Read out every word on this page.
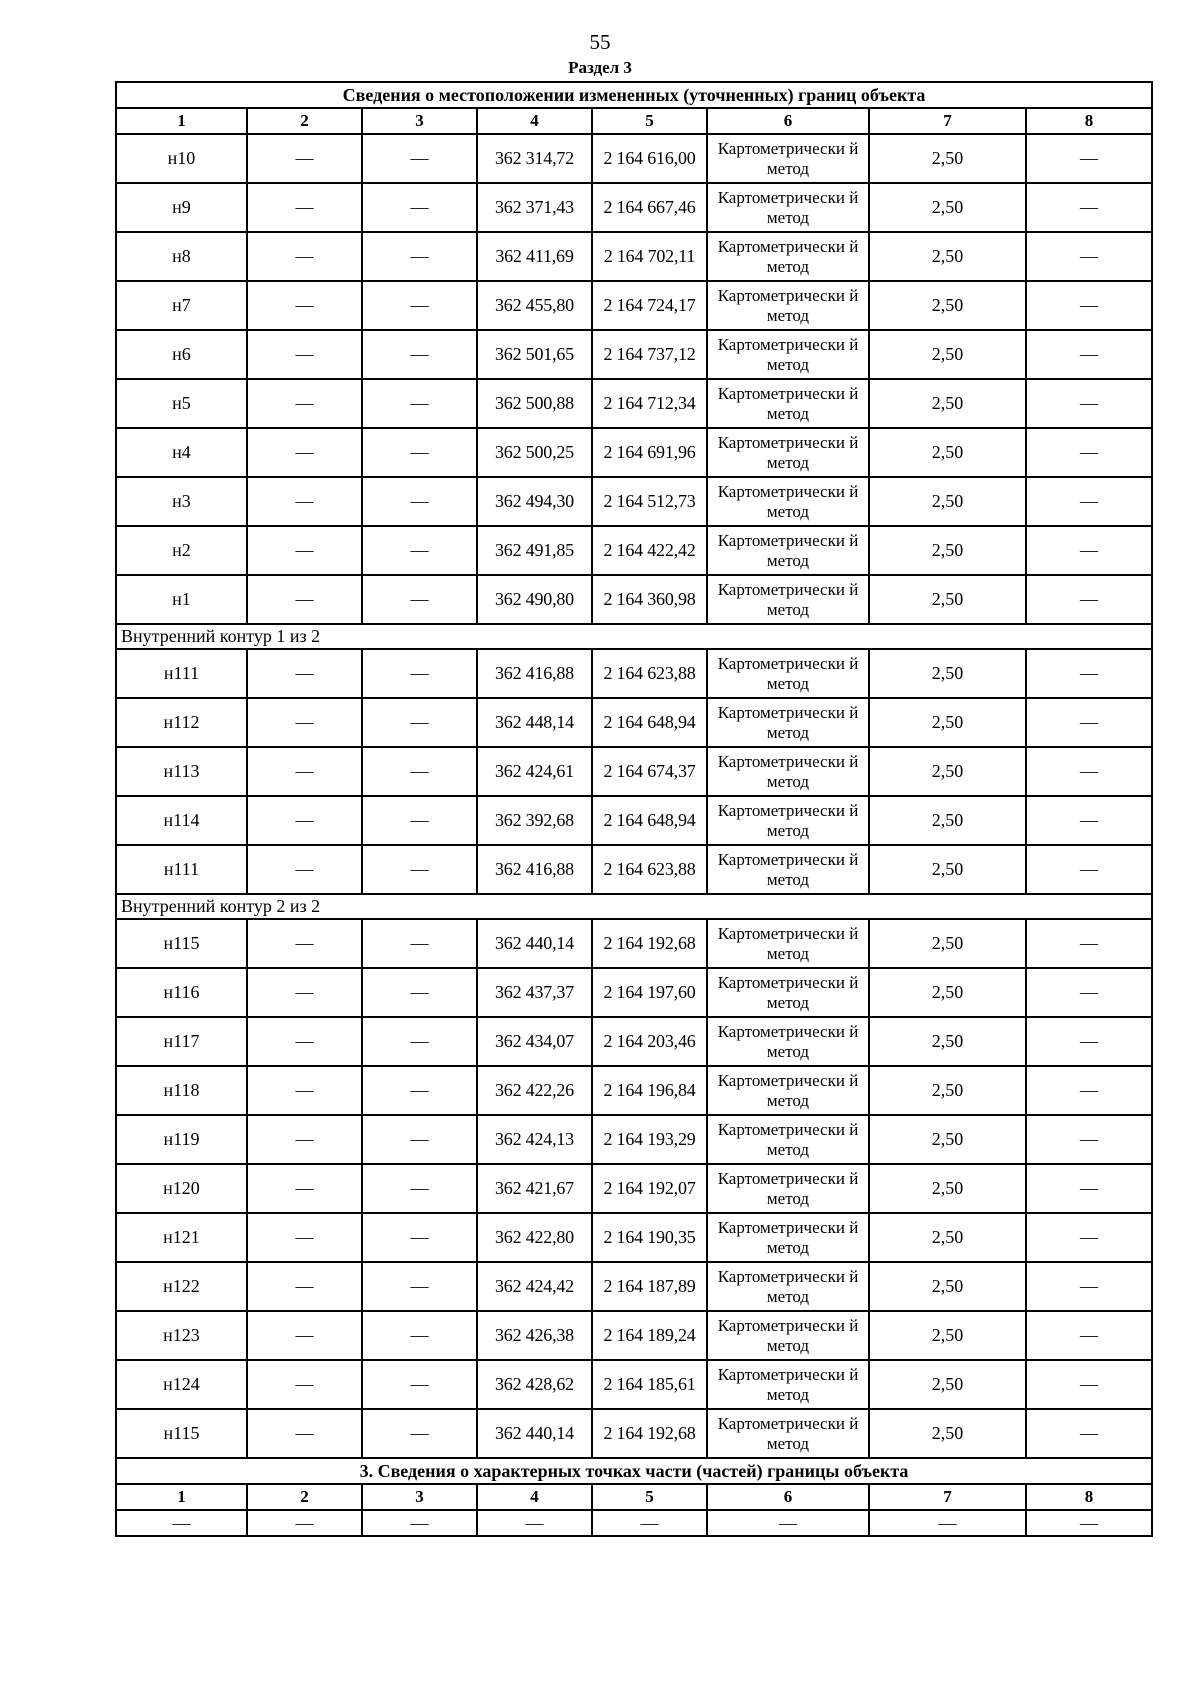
55
Раздел 3
Сведения о местоположении измененных (уточненных) границ объекта							
1	2	3	4	5	6	7	8
н10	—	—	362 314,72	2 164 616,00	Картометрически й метод	2,50	—
н9	—	—	362 371,43	2 164 667,46	Картометрически й метод	2,50	—
н8	—	—	362 411,69	2 164 702,11	Картометрически й метод	2,50	—
н7	—	—	362 455,80	2 164 724,17	Картометрически й метод	2,50	—
н6	—	—	362 501,65	2 164 737,12	Картометрически й метод	2,50	—
н5	—	—	362 500,88	2 164 712,34	Картометрически й метод	2,50	—
н4	—	—	362 500,25	2 164 691,96	Картометрически й метод	2,50	—
н3	—	—	362 494,30	2 164 512,73	Картометрически й метод	2,50	—
н2	—	—	362 491,85	2 164 422,42	Картометрически й метод	2,50	—
н1	—	—	362 490,80	2 164 360,98	Картометрически й метод	2,50	—
Внутренний контур 1 из 2							
н111	—	—	362 416,88	2 164 623,88	Картометрически й метод	2,50	—
н112	—	—	362 448,14	2 164 648,94	Картометрически й метод	2,50	—
н113	—	—	362 424,61	2 164 674,37	Картометрически й метод	2,50	—
н114	—	—	362 392,68	2 164 648,94	Картометрически й метод	2,50	—
н111	—	—	362 416,88	2 164 623,88	Картометрически й метод	2,50	—
Внутренний контур 2 из 2							
н115	—	—	362 440,14	2 164 192,68	Картометрически й метод	2,50	—
н116	—	—	362 437,37	2 164 197,60	Картометрически й метод	2,50	—
н117	—	—	362 434,07	2 164 203,46	Картометрически й метод	2,50	—
н118	—	—	362 422,26	2 164 196,84	Картометрически й метод	2,50	—
н119	—	—	362 424,13	2 164 193,29	Картометрически й метод	2,50	—
н120	—	—	362 421,67	2 164 192,07	Картометрически й метод	2,50	—
н121	—	—	362 422,80	2 164 190,35	Картометрически й метод	2,50	—
н122	—	—	362 424,42	2 164 187,89	Картометрически й метод	2,50	—
н123	—	—	362 426,38	2 164 189,24	Картометрически й метод	2,50	—
н124	—	—	362 428,62	2 164 185,61	Картометрически й метод	2,50	—
н115	—	—	362 440,14	2 164 192,68	Картометрически й метод	2,50	—
3. Сведения о характерных точках части (частей) границы объекта							
1	2	3	4	5	6	7	8
—	—	—	—	—	—	—	—
